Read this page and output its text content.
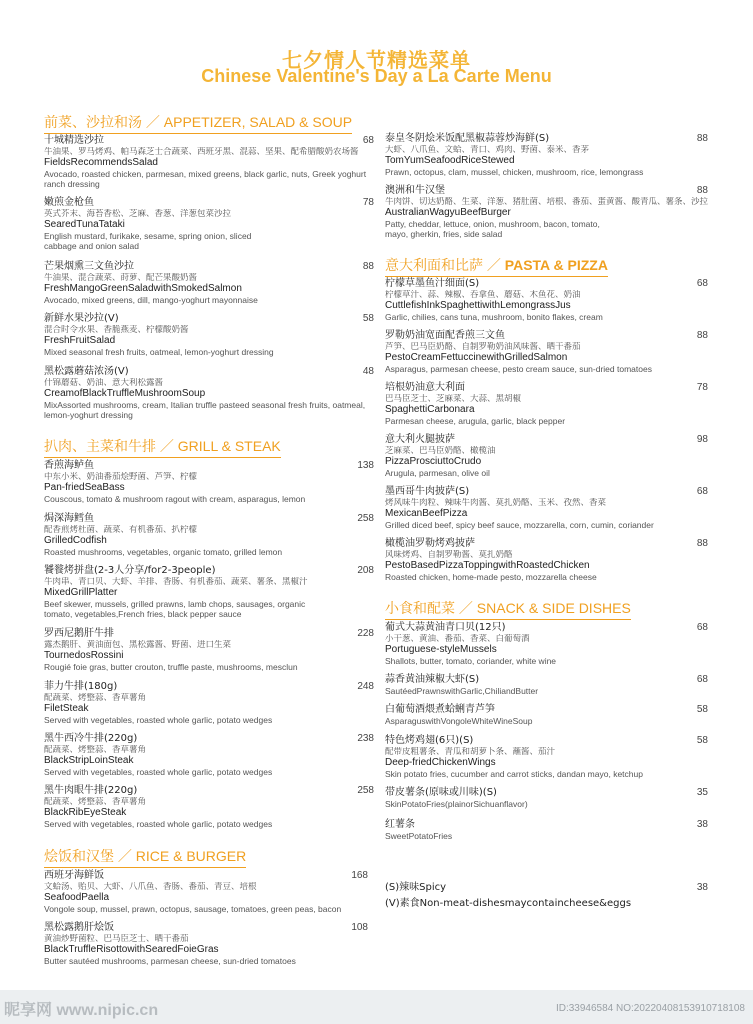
七夕情人节精选菜单
Chinese Valentine's Day a La Carte Menu
前菜、沙拉和汤 ／ APPETIZER, SALAD & SOUP
十城精选沙拉
牛油果、罗马烤鸡、帕马森芝士合蔬菜、西班牙黑、混蒜、坚果、配希腊酸奶农场酱
FieldsRecommendsSalad
Avocado, roasted chicken, parmesan, mixed greens, black garlic, nuts, Greek yoghurt ranch dressing
68
嫩煎金枪鱼
英式芥末、海苔香松、芝麻、香葱、洋葱包菜沙拉
SearedTunaTataki
English mustard, furikake, sesame, spring onion, sliced cabbage and onion salad
78
芒果烟熏三文鱼沙拉
牛油果、混合蔬菜、莳萝、配芒果酸奶酱
FreshMangoGreenSaladwithSmokedSalmon
Avocado, mixed greens, dill, mango-yoghurt mayonnaise
88
新鲜水果沙拉(V)
混合时令水果、香脆燕麦、柠檬酸奶酱
FreshFruitSalad
Mixed seasonal fresh fruits, oatmeal, lemon-yoghurt dressing
58
黑松露蘑菇浓汤(V)
什锦蘑菇、奶油、意大利松露酱
CreamofBlackTruffleMushroomSoup
MixAssorted mushrooms, cream, Italian truffle pasteed seasonal fresh fruits, oatmeal, lemon-yoghurt dressing
48
扒肉、主菜和牛排 ／ GRILL & STEAK
香煎海鲈鱼
中东小米、奶油番茄烩野菌、芦笋、柠檬
Pan-friedSeaBass
Couscous, tomato & mushroom ragout with cream, asparagus, lemon
138
焗深海鳕鱼
配香煎烤杜菌、蔬菜、有机番茄、扒柠檬
GrilledCodfish
Roasted mushrooms, vegetables, organic tomato, grilled lemon
258
饕餮烤拼盘(2-3人分享/for2-3people)
牛肉串、青口贝、大虾、羊排、香肠、有机番茄、蔬菜、薯条、黑椒汁
MixedGrillPlatter
Beef skewer, mussels, grilled prawns, lamb chops, sausages, organic tomato, vegetables,French fries, black pepper sauce
208
罗西尼鹅肝牛排
露杰鹅肝、黄油面包、黑松露酱、野菌、进口生菜
TournedosRossini
Rougié foie gras, butter crouton, truffle paste, mushrooms, mesclun
228
菲力牛排(180g)
配蔬菜、烤整蒜、香草薯角
FiletSteak
Served with vegetables, roasted whole garlic, potato wedges
248
黑牛西冷牛排(220g)
配蔬菜、烤整蒜、香草薯角
BlackStripLoinSteak
Served with vegetables, roasted whole garlic, potato wedges
238
黑牛肉眼牛排(220g)
配蔬菜、烤整蒜、香草薯角
BlackRibEyeSteak
Served with vegetables, roasted whole garlic, potato wedges
258
烩饭和汉堡 ／ RICE & BURGER
西班牙海鲜饭
文蛤汤、贻贝、大虾、八爪鱼、香肠、番茄、青豆、培根
SeafoodPaella
Vongole soup, mussel, prawn, octopus, sausage, tomatoes, green peas, bacon
168
黑松露鹅肝烩饭
黄油炒野菌粒、巴马臣芝士、晒干番茄
BlackTruffleRisottowithSearedFoieGras
Butter sautéed mushrooms, parmesan cheese, sun-dried tomatoes
108
泰皇冬阴烩米饭配黑椒蒜蓉炒海鲜(S)
大虾、八爪鱼、文蛤、青口、鸡肉、野菌、泰米、香茅
TomYumSeafoodRiceStewed
Prawn, octopus, clam, mussel, chicken, mushroom, rice, lemongrass
88
澳洲和牛汉堡
牛肉饼、切达奶酪、生菜、洋葱、猪肚菌、培根、番茄、蛋黄酱、酸青瓜、薯条、沙拉
AustralianWagyuBeefBurger
Patty, cheddar, lettuce, onion, mushroom, bacon, tomato, mayo, gherkin, fries, side salad
88
意大利面和比萨 ／ PASTA & PIZZA
柠檬草墨鱼汁细面(S)
柠檬草汁、蒜、辣椒、吞拿鱼、蘑菇、木鱼花、奶油
CuttlefishInkSpaghettiwithLemongrassJus
Garlic, chilies, cans tuna, mushroom, bonito flakes, cream
68
罗勒奶油宽面配香煎三文鱼
芦笋、巴马臣奶酪、自制罗勒奶油风味酱、晒干番茄
PestoCreamFettuccinewithGrilledSalmon
Asparagus, parmesan cheese, pesto cream sauce, sun-dried tomatoes
88
培根奶油意大利面
巴马臣芝士、芝麻菜、大蒜、黑胡椒
SpaghettiCarbonara
Parmesan cheese, arugula, garlic, black pepper
78
意大利火腿披萨
芝麻菜、巴马臣奶酪、橄榄油
PizzaProsciuttoCrudo
Arugula, parmesan, olive oil
98
墨西哥牛肉披萨(S)
烤风味牛肉粒、辣味牛肉酱、莫扎奶酪、玉米、孜然、香菜
MexicanBeefPizza
Grilled diced beef, spicy beef sauce, mozzarella, corn, cumin, coriander
68
橄榄油罗勒烤鸡披萨
风味烤鸡、自制罗勒酱、莫扎奶酪
PestoBasedPizzaToppingwithRoastedChicken
Roasted chicken, home-made pesto, mozzarella cheese
88
小食和配菜 ／ SNACK & SIDE DISHES
葡式大蒜黄油青口贝(12只)
小干葱、黄油、番茄、香菜、白葡萄酒
Portuguese-styleMussels
Shallots, butter, tomato, coriander, white wine
68
蒜香黄油辣椒大虾(S)
SautéedPrawnswithGarlic,ChiliandButter
68
白葡萄酒煨煮蛤蜊青芦笋
AsparaguswithVongoleWhiteWineSoup
58
特色烤鸡翅(6只)(S)
配带皮粗薯条、青瓜和胡萝卜条、蘸酱、茄汁
Deep-friedChickenWings
Skin potato fries, cucumber and carrot sticks, dandan mayo, ketchup
58
带皮薯条(原味或川味)(S)
SkinPotatoFries(plainorSichuanflavor)
35
红薯条
SweetPotatoFries
38
(S)辣味Spicy
(V)素食Non-meat-dishesmaycontaincheese&eggs
38
昵享网 www.nipic.cn	ID:33946584 NO:20220408153910718108
